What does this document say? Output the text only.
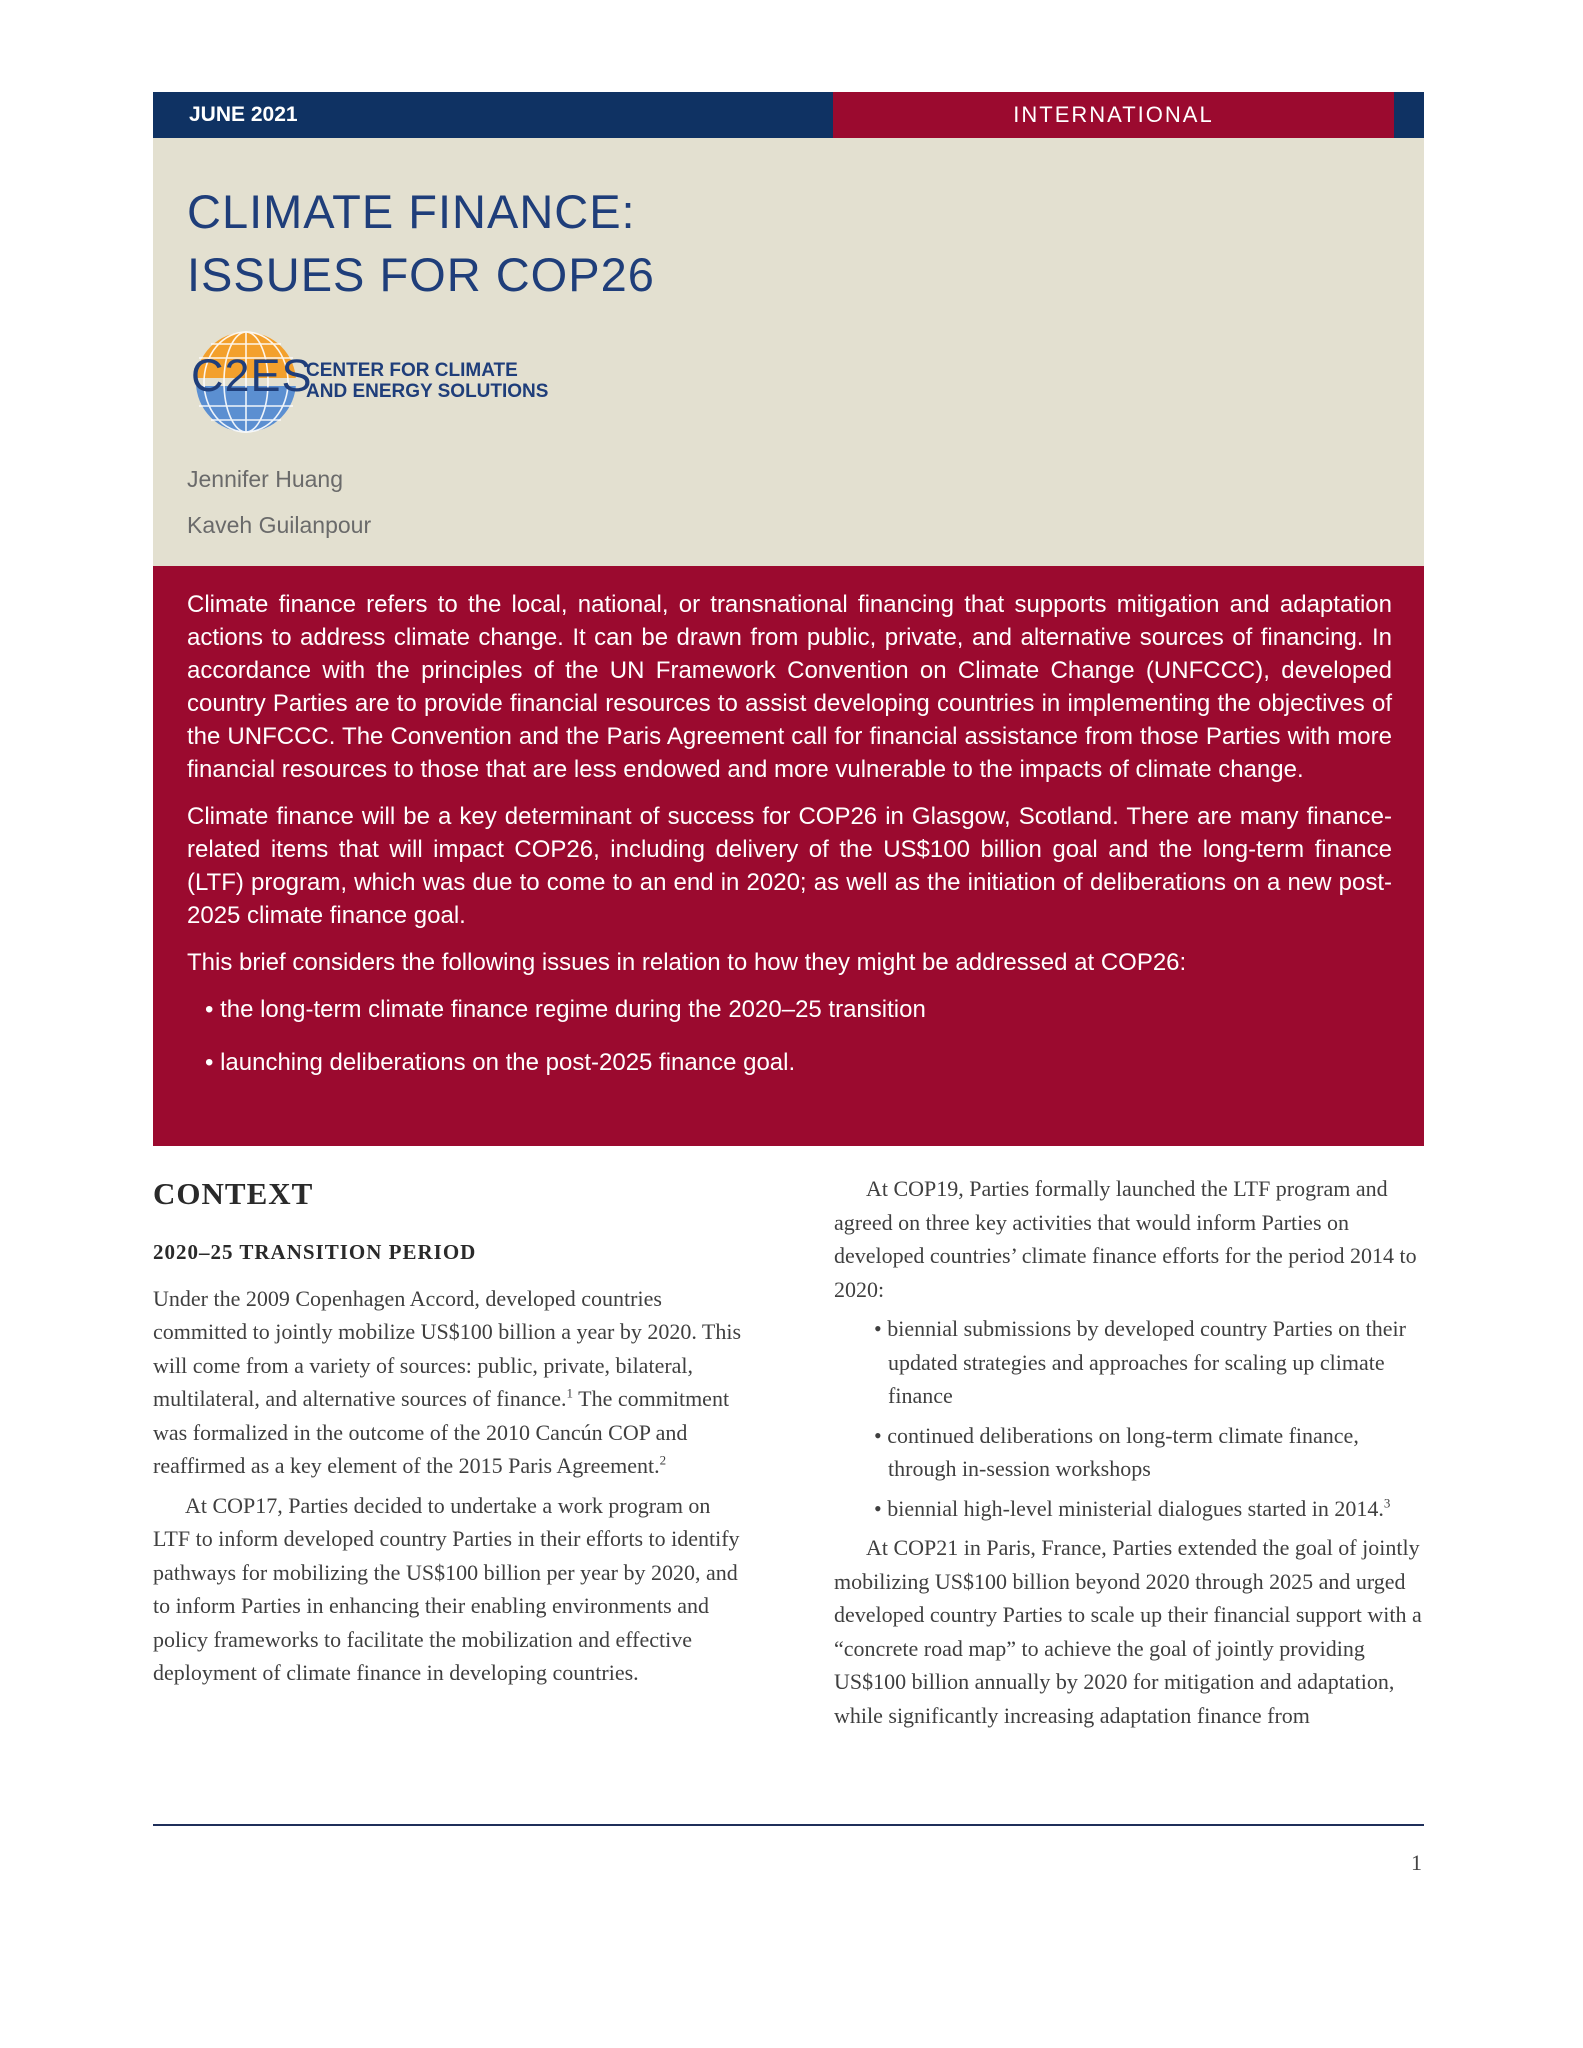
JUNE 2021	INTERNATIONAL
CLIMATE FINANCE:
ISSUES FOR COP26
C2ES
CENTER FOR CLIMATE
AND ENERGY SOLUTIONS
Jennifer Huang
Kaveh Guilanpour

Climate finance refers to the local, national, or transnational financing that supports mitigation and adaptation actions to address climate change. It can be drawn from public, private, and alternative sources of financing. In accordance with the principles of the UN Framework Convention on Climate Change (UNFCCC), developed country Parties are to provide financial resources to assist developing countries in implementing the objectives of the UNFCCC. The Convention and the Paris Agreement call for financial assistance from those Parties with more financial resources to those that are less endowed and more vulnerable to the impacts of climate change.

Climate finance will be a key determinant of success for COP26 in Glasgow, Scotland. There are many finance-related items that will impact COP26, including delivery of the US$100 billion goal and the long-term finance (LTF) program, which was due to come to an end in 2020; as well as the initiation of deliberations on a new post-2025 climate finance goal.

This brief considers the following issues in relation to how they might be addressed at COP26:

• the long-term climate finance regime during the 2020–25 transition
• launching deliberations on the post-2025 finance goal.
CONTEXT
2020–25 TRANSITION PERIOD

Under the 2009 Copenhagen Accord, developed countries committed to jointly mobilize US$100 billion a year by 2020. This will come from a variety of sources: public, private, bilateral, multilateral, and alternative sources of finance.$^1$ The commitment was formalized in the outcome of the 2010 Cancún COP and reaffirmed as a key element of the 2015 Paris Agreement.$^2$

At COP17, Parties decided to undertake a work program on LTF to inform developed country Parties in their efforts to identify pathways for mobilizing the US$100 billion per year by 2020, and to inform Parties in enhancing their enabling environments and policy frameworks to facilitate the mobilization and effective deployment of climate finance in developing countries.

At COP19, Parties formally launched the LTF program and agreed on three key activities that would inform Parties on developed countries’ climate finance efforts for the period 2014 to 2020:

• biennial submissions by developed country Parties on their updated strategies and approaches for scaling up climate finance
• continued deliberations on long-term climate finance, through in-session workshops
• biennial high-level ministerial dialogues started in 2014.$^3$

At COP21 in Paris, France, Parties extended the goal of jointly mobilizing US$100 billion beyond 2020 through 2025 and urged developed country Parties to scale up their financial support with a “concrete road map” to achieve the goal of jointly providing US$100 billion annually by 2020 for mitigation and adaptation, while significantly increasing adaptation finance from

1
